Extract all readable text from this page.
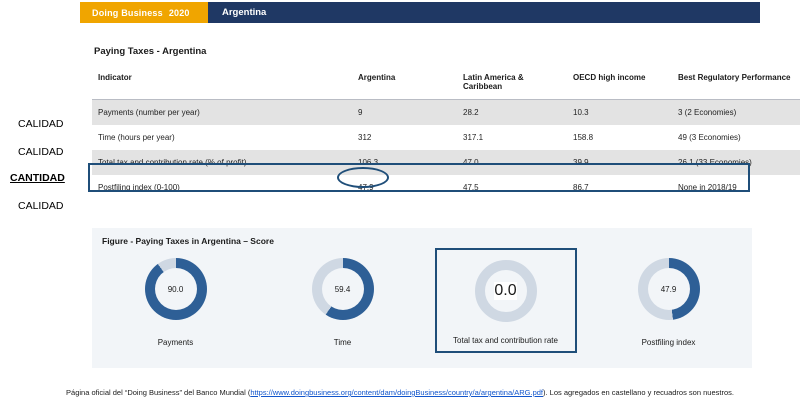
Doing Business 2020	Argentina
CALIDAD
CALIDAD
CANTIDAD
CALIDAD
Paying Taxes - Argentina
Indicator	Argentina	Latin America & Caribbean	OECD high income	Best Regulatory Performance
Payments (number per year)	9	28.2	10.3	3 (2 Economies)
Time (hours per year)	312	317.1	158.8	49 (3 Economies)
Total tax and contribution rate (% of profit)	106.3	47.0	39.9	26.1 (33 Economies)
Postfiling index (0-100)	47.9	47.5	86.7	None in 2018/19
Figure - Paying Taxes in Argentina – Score
90.0
Payments
59.4
Time
0.0
Total tax and contribution rate
47.9
Postfiling index
Página oficial del “Doing Business” del Banco Mundial (https://www.doingbusiness.org/content/dam/doingBusiness/country/a/argentina/ARG.pdf). Los agregados en castellano y recuadros son nuestros.
